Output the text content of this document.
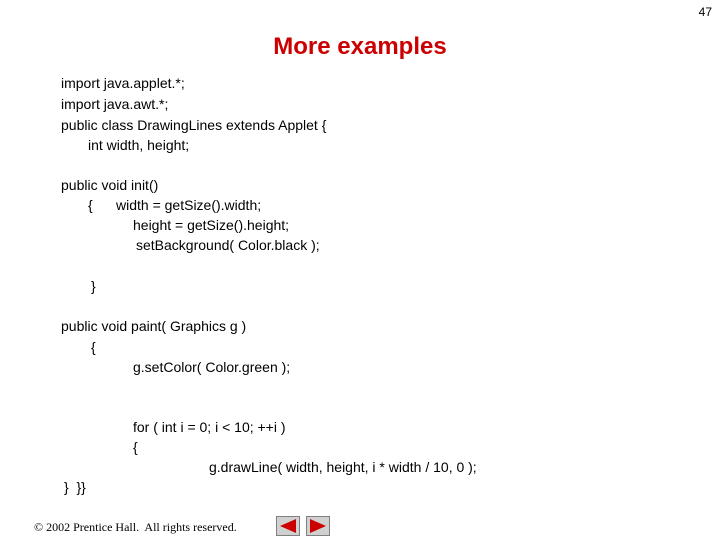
47
More examples
import java.applet.*;
import java.awt.*;
public class DrawingLines extends Applet {
int width, height;
public void init()
{ width = getSize().width;
height = getSize().height;
setBackground( Color.black );
}
public void paint( Graphics g )
{
g.setColor( Color.green );
for ( int i = 0; i < 10; ++i )
{
g.drawLine( width, height, i * width / 10, 0 );
}  }}
© 2002 Prentice Hall.  All rights reserved.
